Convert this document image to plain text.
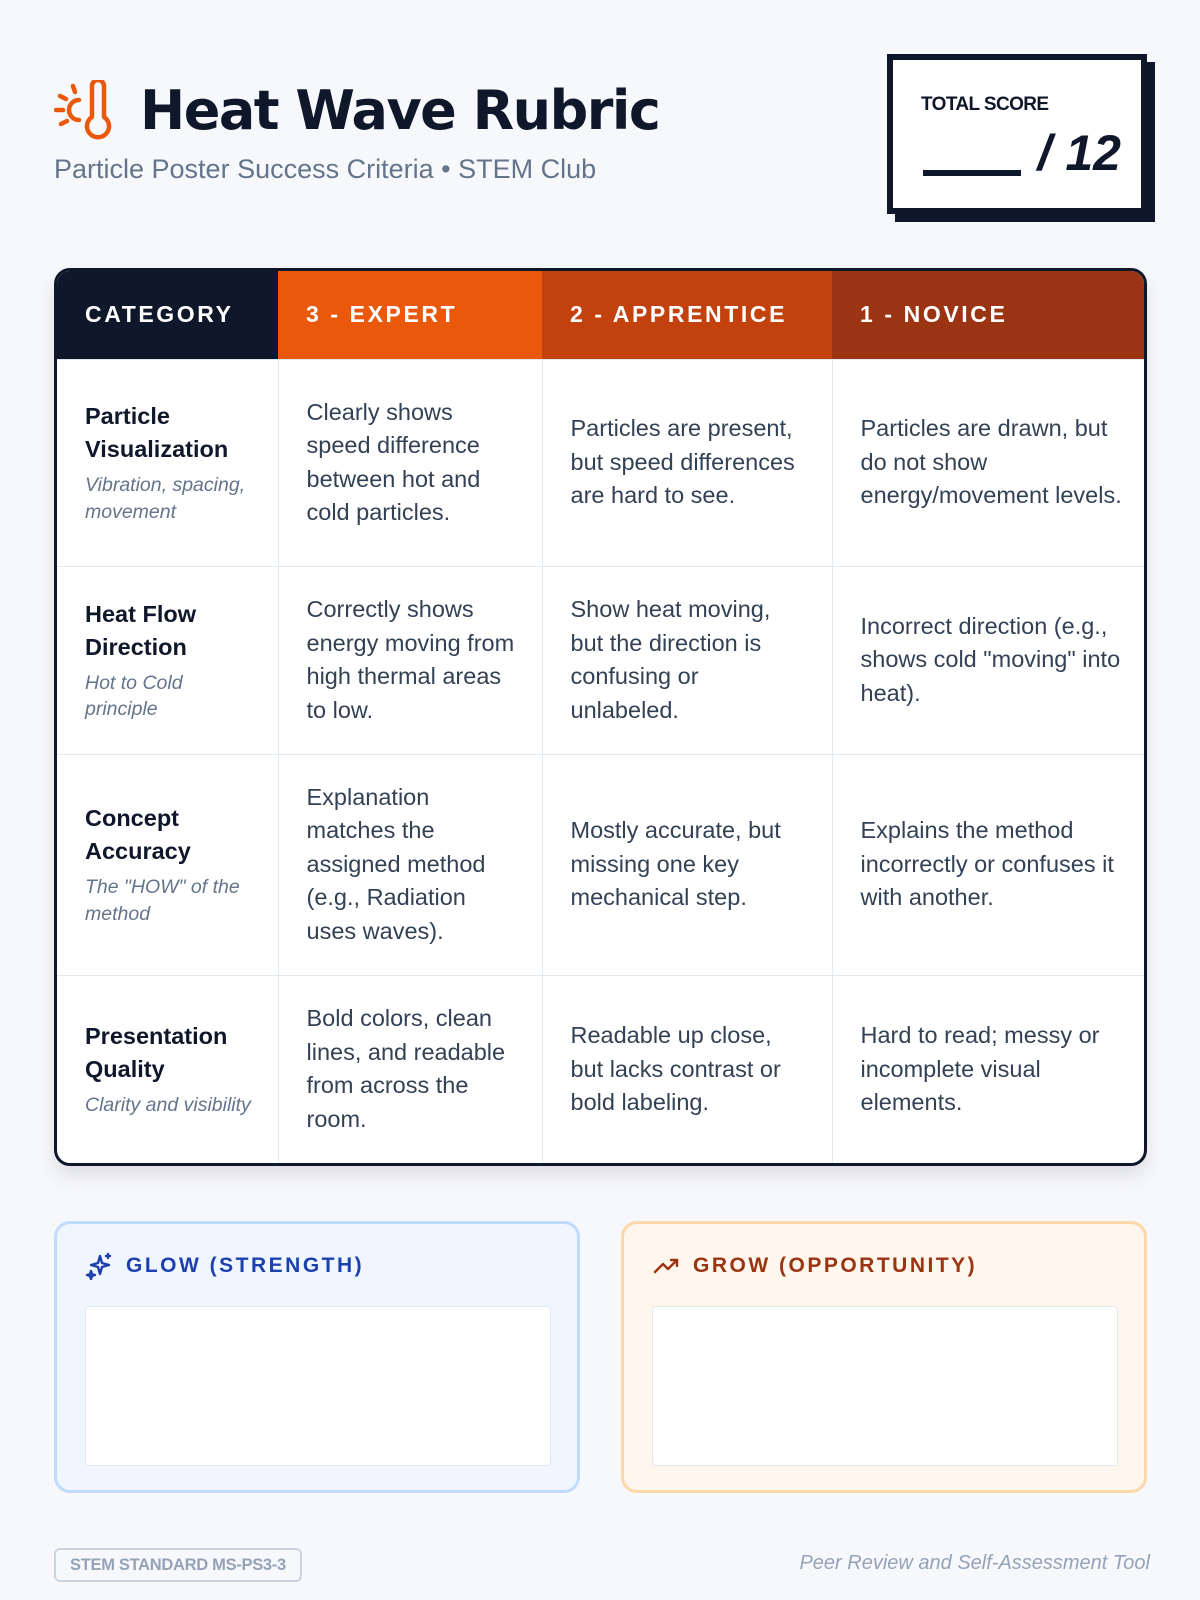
Heat Wave Rubric
Particle Poster Success Criteria • STEM Club
TOTAL SCORE
/ 12
CATEGORY	3 - EXPERT	2 - APPRENTICE	1 - NOVICE

Particle Visualization
Vibration, spacing, movement	Clearly shows speed difference between hot and cold particles.	Particles are present, but speed differences are hard to see.	Particles are drawn, but do not show energy/movement levels.

Heat Flow Direction
Hot to Cold principle	Correctly shows energy moving from high thermal areas to low.	Show heat moving, but the direction is confusing or unlabeled.	Incorrect direction (e.g., shows cold "moving" into heat).

Concept Accuracy
The "HOW" of the method	Explanation matches the assigned method (e.g., Radiation uses waves).	Mostly accurate, but missing one key mechanical step.	Explains the method incorrectly or confuses it with another.

Presentation Quality
Clarity and visibility	Bold colors, clean lines, and readable from across the room.	Readable up close, but lacks contrast or bold labeling.	Hard to read; messy or incomplete visual elements.
GLOW (STRENGTH)	GROW (OPPORTUNITY)
STEM STANDARD MS-PS3-3	Peer Review and Self-Assessment Tool
